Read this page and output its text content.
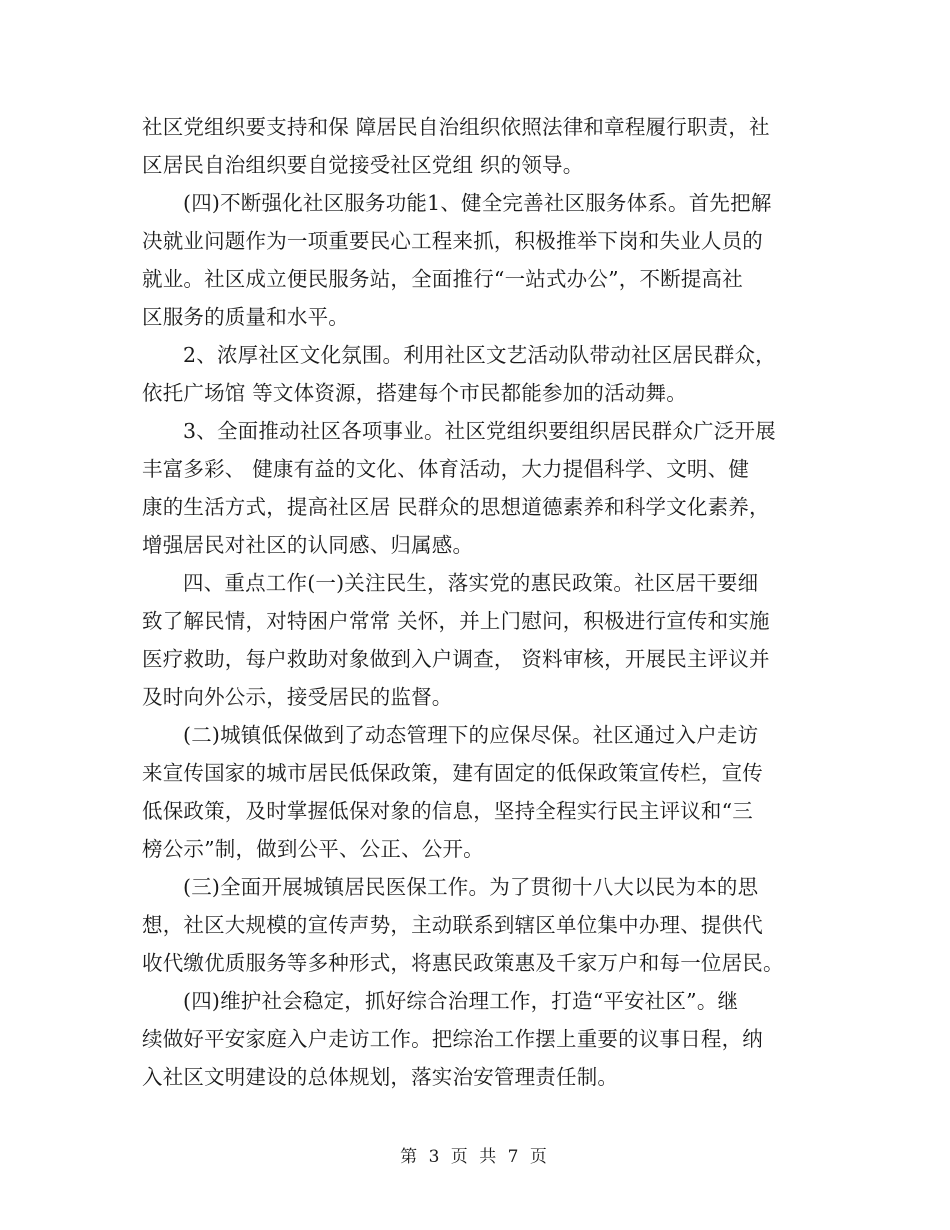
社区党组织要支持和保 障居民自治组织依照法律和章程履行职责，社
区居民自治组织要自觉接受社区党组 织的领导。

(四)不断强化社区服务功能1、健全完善社区服务体系。首先把解
决就业问题作为一项重要民心工程来抓，积极推举下岗和失业人员的
就业。社区成立便民服务站，全面推行“一站式办公”，不断提高社
区服务的质量和水平。

2、浓厚社区文化氛围。利用社区文艺活动队带动社区居民群众，
依托广场馆 等文体资源，搭建每个市民都能参加的活动舞。

3、全面推动社区各项事业。社区党组织要组织居民群众广泛开展
丰富多彩、 健康有益的文化、体育活动，大力提倡科学、文明、健
康的生活方式，提高社区居 民群众的思想道德素养和科学文化素养，
增强居民对社区的认同感、归属感。

四、重点工作(一)关注民生，落实党的惠民政策。社区居干要细
致了解民情，对特困户常常 关怀，并上门慰问，积极进行宣传和实施
医疗救助，每户救助对象做到入户调查， 资料审核，开展民主评议并
及时向外公示，接受居民的监督。

(二)城镇低保做到了动态管理下的应保尽保。社区通过入户走访
来宣传国家的城市居民低保政策，建有固定的低保政策宣传栏，宣传
低保政策，及时掌握低保对象的信息，坚持全程实行民主评议和“三
榜公示”制，做到公平、公正、公开。

(三)全面开展城镇居民医保工作。为了贯彻十八大以民为本的思
想，社区大规模的宣传声势，主动联系到辖区单位集中办理、提供代
收代缴优质服务等多种形式，将惠民政策惠及千家万户和每一位居民。

(四)维护社会稳定，抓好综合治理工作，打造“平安社区”。继
续做好平安家庭入户走访工作。把综治工作摆上重要的议事日程，纳
入社区文明建设的总体规划，落实治安管理责任制。

第 3 页 共 7 页
